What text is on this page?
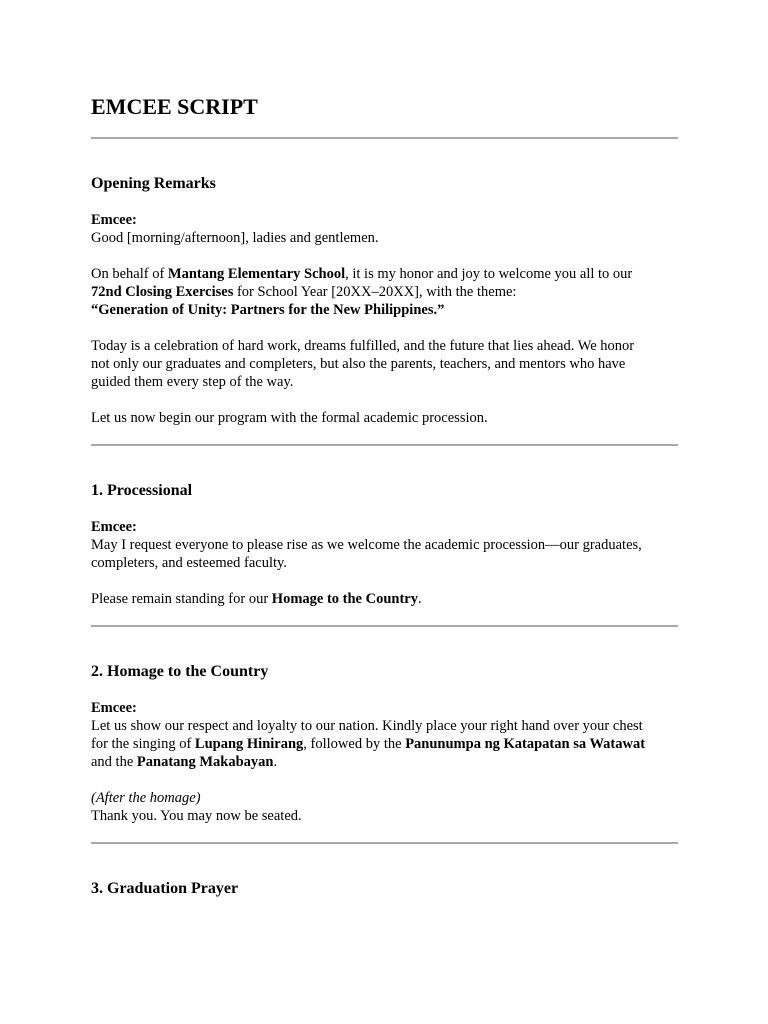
EMCEE SCRIPT
Opening Remarks
Emcee:
Good [morning/afternoon], ladies and gentlemen.
On behalf of Mantang Elementary School, it is my honor and joy to welcome you all to our
72nd Closing Exercises for School Year [20XX–20XX], with the theme:
“Generation of Unity: Partners for the New Philippines.”
Today is a celebration of hard work, dreams fulfilled, and the future that lies ahead. We honor
not only our graduates and completers, but also the parents, teachers, and mentors who have
guided them every step of the way.
Let us now begin our program with the formal academic procession.
1. Processional
Emcee:
May I request everyone to please rise as we welcome the academic procession—our graduates,
completers, and esteemed faculty.
Please remain standing for our Homage to the Country.
2. Homage to the Country
Emcee:
Let us show our respect and loyalty to our nation. Kindly place your right hand over your chest
for the singing of Lupang Hinirang, followed by the Panunumpa ng Katapatan sa Watawat
and the Panatang Makabayan.
(After the homage)
Thank you. You may now be seated.
3. Graduation Prayer
